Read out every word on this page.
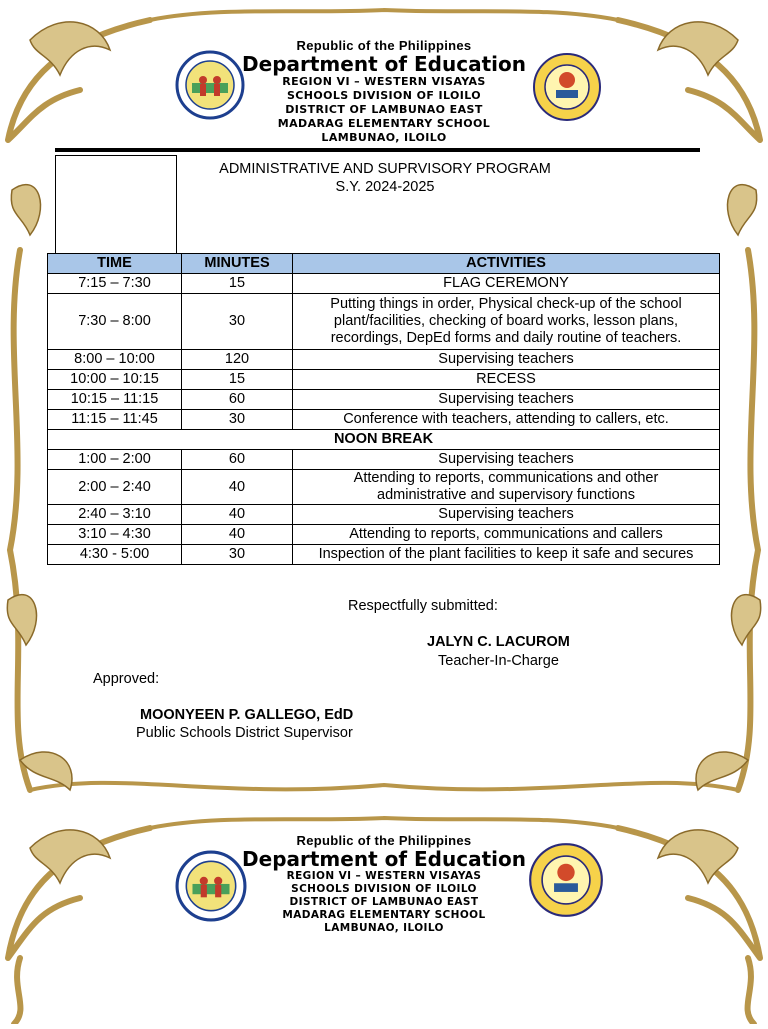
Republic of the Philippines
Department of Education
REGION VI – WESTERN VISAYAS
SCHOOLS DIVISION OF ILOILO
DISTRICT OF LAMBUNAO EAST
MADARAG ELEMENTARY SCHOOL
LAMBUNAO, ILOILO
ADMINISTRATIVE AND SUPRVISORY PROGRAM
S.Y. 2024-2025
TIME	MINUTES	ACTIVITIES
7:15 – 7:30	15	FLAG CEREMONY
7:30 – 8:00	30	Putting things in order, Physical check-up of the school plant/facilities, checking of board works, lesson plans, recordings, DepEd forms and daily routine of teachers.
8:00 – 10:00	120	Supervising teachers
10:00 – 10:15	15	RECESS
10:15 – 11:15	60	Supervising teachers
11:15 – 11:45	30	Conference with teachers, attending to callers, etc.
NOON BREAK		
1:00 – 2:00	60	Supervising teachers
2:00 – 2:40	40	Attending to reports, communications and other administrative and supervisory functions
2:40 – 3:10	40	Supervising teachers
3:10 – 4:30	40	Attending to reports, communications and callers
4:30 - 5:00	30	Inspection of the plant facilities to keep it safe and secures
Respectfully submitted:
JALYN C. LACUROM
Teacher-In-Charge
Approved:
MOONYEEN P. GALLEGO, EdD
Public Schools District Supervisor
Republic of the Philippines
Department of Education
REGION VI – WESTERN VISAYAS
SCHOOLS DIVISION OF ILOILO
DISTRICT OF LAMBUNAO EAST
MADARAG ELEMENTARY SCHOOL
LAMBUNAO, ILOILO
